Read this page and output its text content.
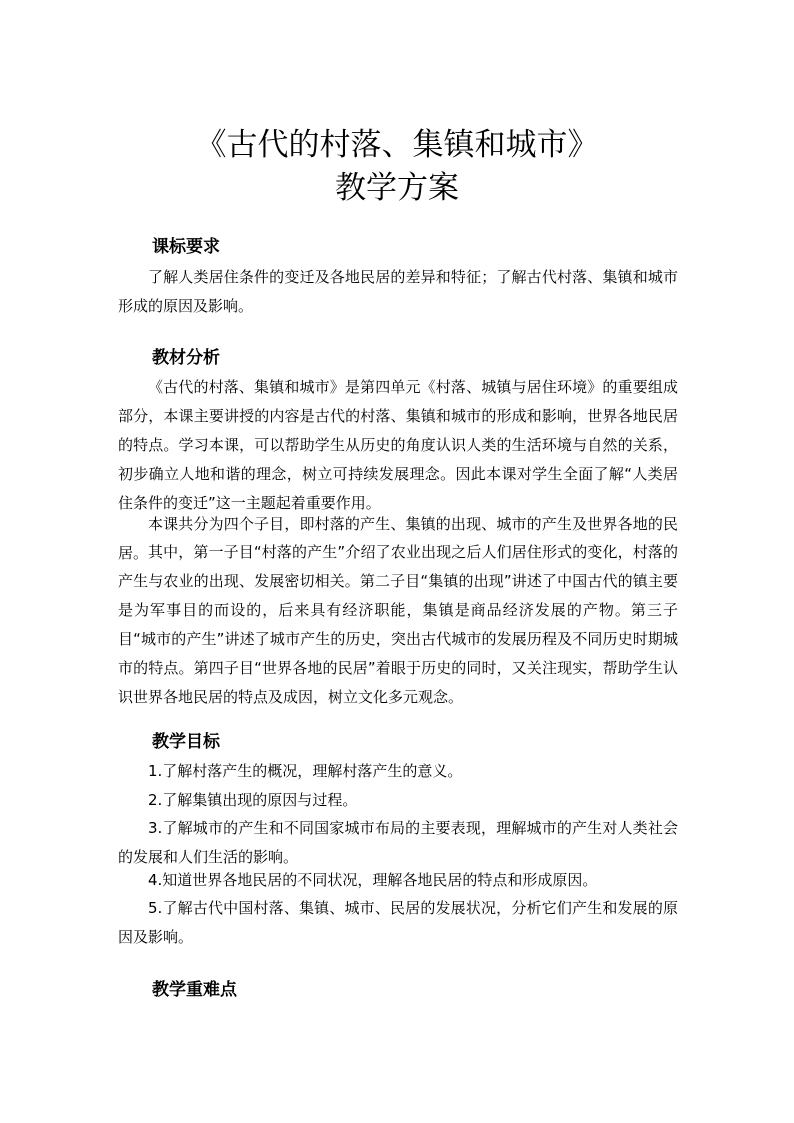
《古代的村落、集镇和城市》
教学方案
课标要求

了解人类居住条件的变迁及各地民居的差异和特征；了解古代村落、集镇和城市形成的原因及影响。

教材分析

《古代的村落、集镇和城市》是第四单元《村落、城镇与居住环境》的重要组成部分，本课主要讲授的内容是古代的村落、集镇和城市的形成和影响，世界各地民居的特点。学习本课，可以帮助学生从历史的角度认识人类的生活环境与自然的关系，初步确立人地和谐的理念，树立可持续发展理念。因此本课对学生全面了解“人类居住条件的变迁”这一主题起着重要作用。

本课共分为四个子目，即村落的产生、集镇的出现、城市的产生及世界各地的民居。 其中，第一子目“村落的产生”介绍了农业出现之后人们居住形式的变化，村落的产生与农业的出现、发展密切相关。第二子目“集镇的出现”讲述了中国古代的镇主要是为军事目的而设的，后来具有经济职能，集镇是商品经济发展的产物。第三子目“城市的产生”讲述了城市产生的历史，突出古代城市的发展历程及不同历史时期城市的特点。第四子目“世界各地的民居”着眼于历史的同时，又关注现实，帮助学生认识世界各地民居的特点及成因，树立文化多元观念。

教学目标

1.了解村落产生的概况，理解村落产生的意义。

2.了解集镇出现的原因与过程。

3.了解城市的产生和不同国家城市布局的主要表现，理解城市的产生对人类社会的发展和人们生活的影响。

4.知道世界各地民居的不同状况，理解各地民居的特点和形成原因。

5.了解古代中国村落、集镇、城市、民居的发展状况，分析它们产生和发展的原因及影响。

教学重难点
